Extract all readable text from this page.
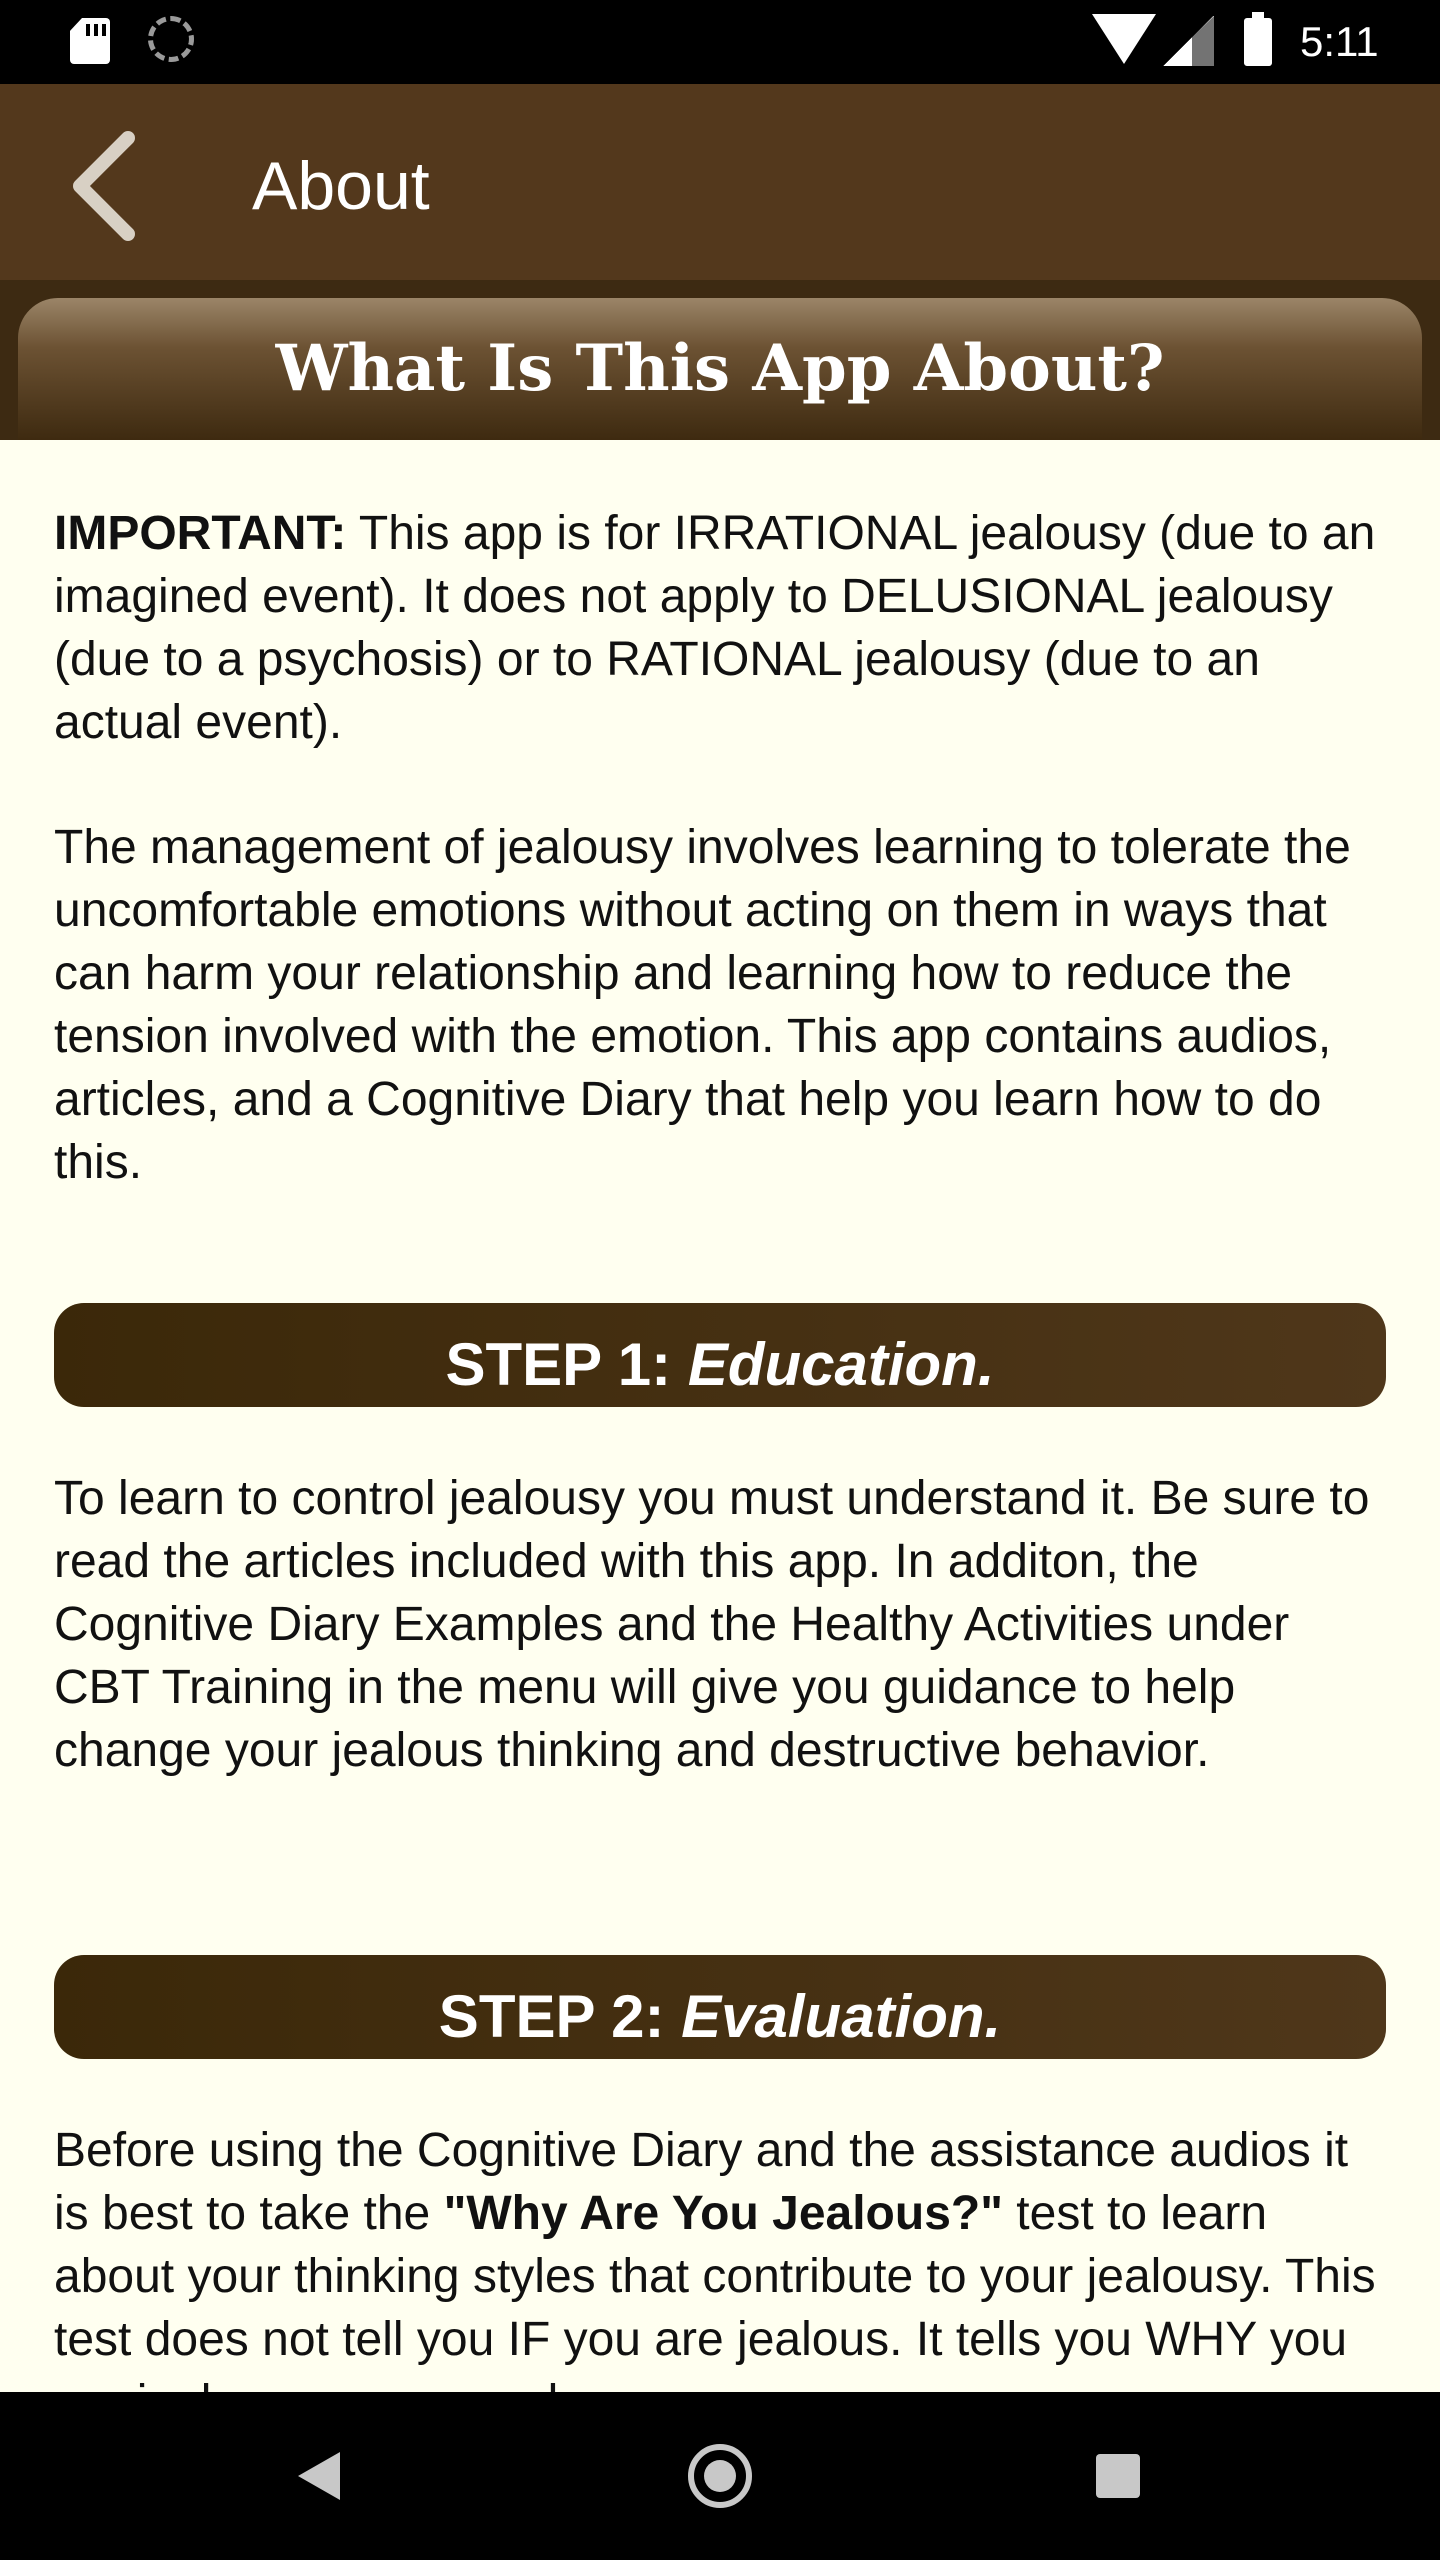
5:11
About
What Is This App About?

IMPORTANT: This app is for IRRATIONAL jealousy (due to an imagined event). It does not apply to DELUSIONAL jealousy (due to a psychosis) or to RATIONAL jealousy (due to an actual event).

The management of jealousy involves learning to tolerate the uncomfortable emotions without acting on them in ways that can harm your relationship and learning how to reduce the tension involved with the emotion. This app contains audios, articles, and a Cognitive Diary that help you learn how to do this.

STEP 1: Education.

To learn to control jealousy you must understand it. Be sure to read the articles included with this app. In additon, the Cognitive Diary Examples and the Healthy Activities under CBT Training in the menu will give you guidance to help change your jealous thinking and destructive behavior.

STEP 2: Evaluation.

Before using the Cognitive Diary and the assistance audios it is best to take the "Why Are You Jealous?" test to learn about your thinking styles that contribute to your jealousy. This test does not tell you IF you are jealous. It tells you WHY you
